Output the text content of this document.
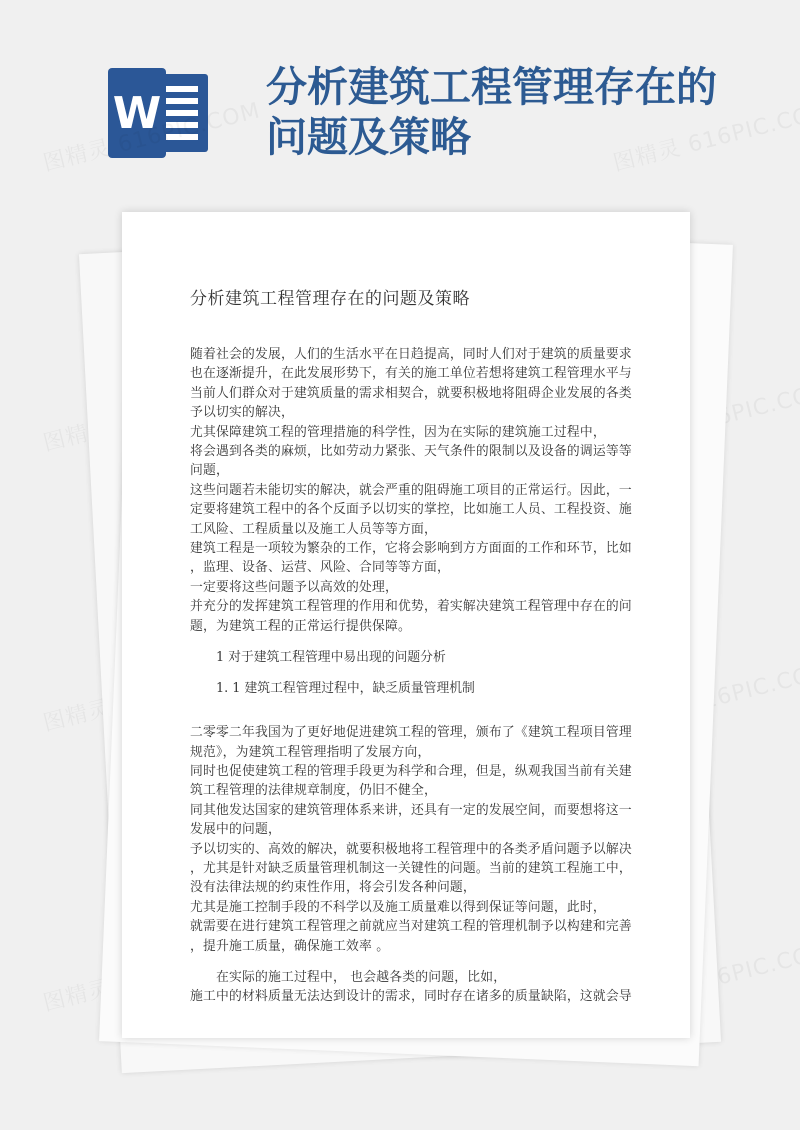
W
分析建筑工程管理存在的问题及策略
分析建筑工程管理存在的问题及策略

随着社会的发展，人们的生活水平在日趋提高，同时人们对于建筑的质量要求

也在逐渐提升，在此发展形势下，有关的施工单位若想将建筑工程管理水平与

当前人们群众对于建筑质量的需求相契合，就要积极地将阻碍企业发展的各类

予以切实的解决，

尤其保障建筑工程的管理措施的科学性，因为在实际的建筑施工过程中，

将会遇到各类的麻烦，比如劳动力紧张、天气条件的限制以及设备的调运等等

问题，

这些问题若未能切实的解决，就会严重的阻碍施工项目的正常运行。因此，一

定要将建筑工程中的各个反面予以切实的掌控，比如施工人员、工程投资、施

工风险、工程质量以及施工人员等等方面，

建筑工程是一项较为繁杂的工作，它将会影响到方方面面的工作和环节，比如

，监理、设备、运营、风险、合同等等方面，

一定要将这些问题予以高效的处理，

并充分的发挥建筑工程管理的作用和优势，着实解决建筑工程管理中存在的问

题，为建筑工程的正常运行提供保障。

1 对于建筑工程管理中易出现的问题分析

1. 1 建筑工程管理过程中，缺乏质量管理机制

二零零二年我国为了更好地促进建筑工程的管理，颁布了《建筑工程项目管理

规范》，为建筑工程管理指明了发展方向，

同时也促使建筑工程的管理手段更为科学和合理，但是，纵观我国当前有关建

筑工程管理的法律规章制度，仍旧不健全，

同其他发达国家的建筑管理体系来讲，还具有一定的发展空间，而要想将这一

发展中的问题，

予以切实的、高效的解决，就要积极地将工程管理中的各类矛盾问题予以解决

，尤其是针对缺乏质量管理机制这一关键性的问题。当前的建筑工程施工中，

没有法律法规的约束性作用，将会引发各种问题，

尤其是施工控制手段的不科学以及施工质量难以得到保证等问题，此时，

就需要在进行建筑工程管理之前就应当对建筑工程的管理机制予以构建和完善

，提升施工质量，确保施工效率 。

在实际的施工过程中， 也会越各类的问题，比如，

施工中的材料质量无法达到设计的需求，同时存在诸多的质量缺陷，这就会导
